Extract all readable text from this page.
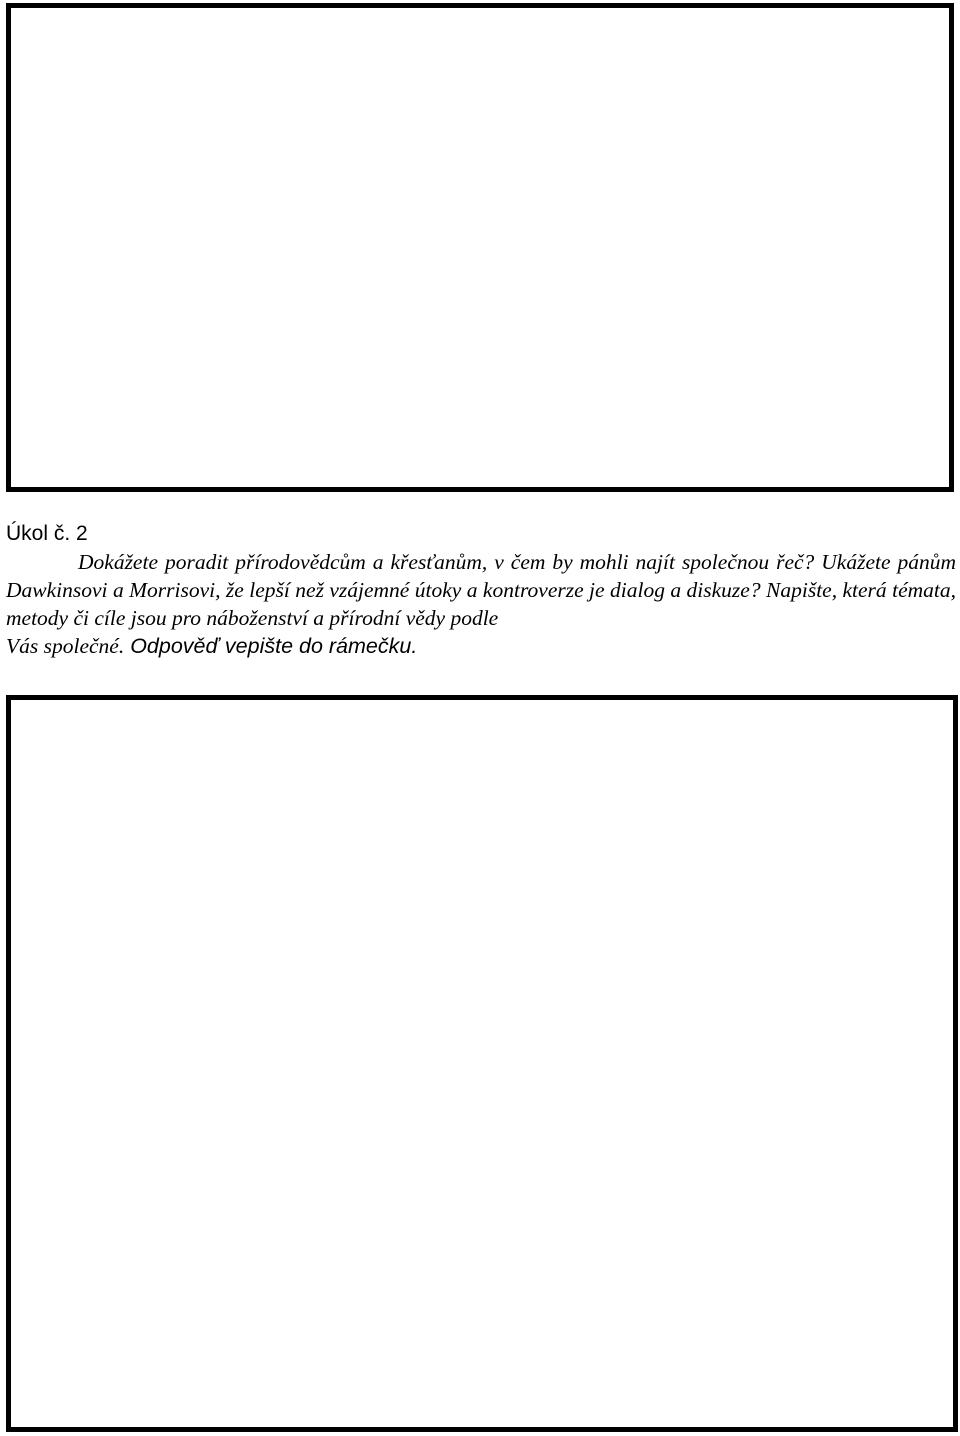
Úkol č. 2

Dokážete poradit přírodovědcům a křesťanům, v čem by mohli najít společnou řeč? Ukážete pánům Dawkinsovi a Morrisovi, že lepší než vzájemné útoky a kontroverze je dialog a diskuze? Napište, která témata, metody či cíle jsou pro náboženství a přírodní vědy podle

Vás společné. Odpověď vepište do rámečku.
